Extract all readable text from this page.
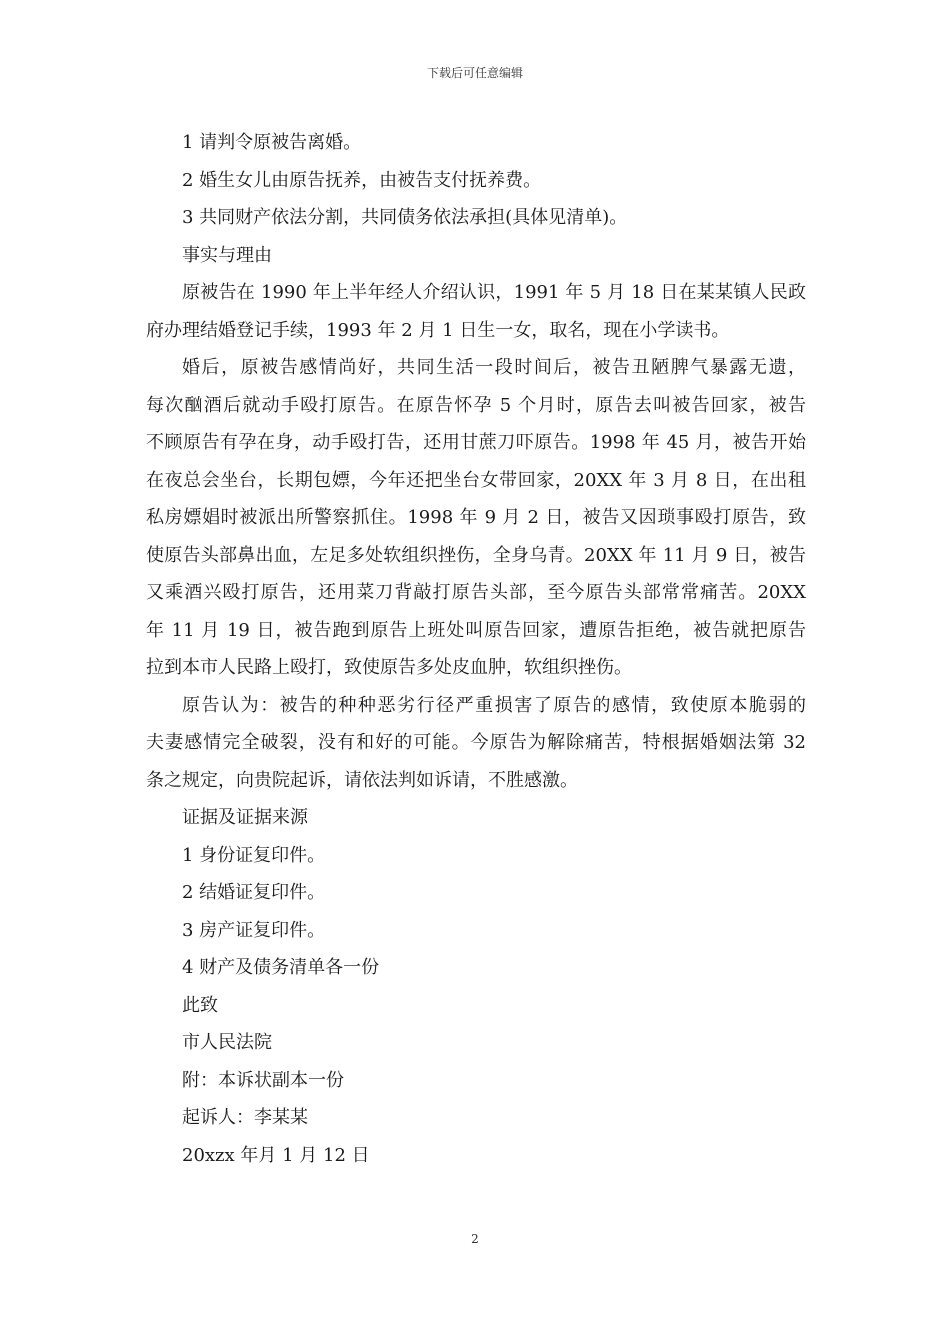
下载后可任意编辑
1 请判令原被告离婚。
2 婚生女儿由原告抚养，由被告支付抚养费。
3 共同财产依法分割，共同债务依法承担(具体见清单)。
事实与理由
原被告在 1990 年上半年经人介绍认识，1991 年 5 月 18 日在某某镇人民政
府办理结婚登记手续，1993 年 2 月 1 日生一女，取名，现在小学读书。
婚后，原被告感情尚好，共同生活一段时间后，被告丑陋脾气暴露无遗，
每次酗酒后就动手殴打原告。在原告怀孕 5 个月时，原告去叫被告回家，被告
不顾原告有孕在身，动手殴打告，还用甘蔗刀吓原告。1998 年 45 月，被告开始
在夜总会坐台，长期包嫖，今年还把坐台女带回家，20XX 年 3 月 8 日，在出租
私房嫖娼时被派出所警察抓住。1998 年 9 月 2 日，被告又因琐事殴打原告，致
使原告头部鼻出血，左足多处软组织挫伤，全身乌青。20XX 年 11 月 9 日，被告
又乘酒兴殴打原告，还用菜刀背敲打原告头部，至今原告头部常常痛苦。20XX
年 11 月 19 日，被告跑到原告上班处叫原告回家，遭原告拒绝，被告就把原告
拉到本市人民路上殴打，致使原告多处皮血肿，软组织挫伤。
原告认为：被告的种种恶劣行径严重损害了原告的感情，致使原本脆弱的
夫妻感情完全破裂，没有和好的可能。今原告为解除痛苦，特根据婚姻法第 32
条之规定，向贵院起诉，请依法判如诉请，不胜感激。
证据及证据来源
1 身份证复印件。
2 结婚证复印件。
3 房产证复印件。
4 财产及债务清单各一份
此致
市人民法院
附：本诉状副本一份
起诉人：李某某
20xzx 年月 1 月 12 日
2
